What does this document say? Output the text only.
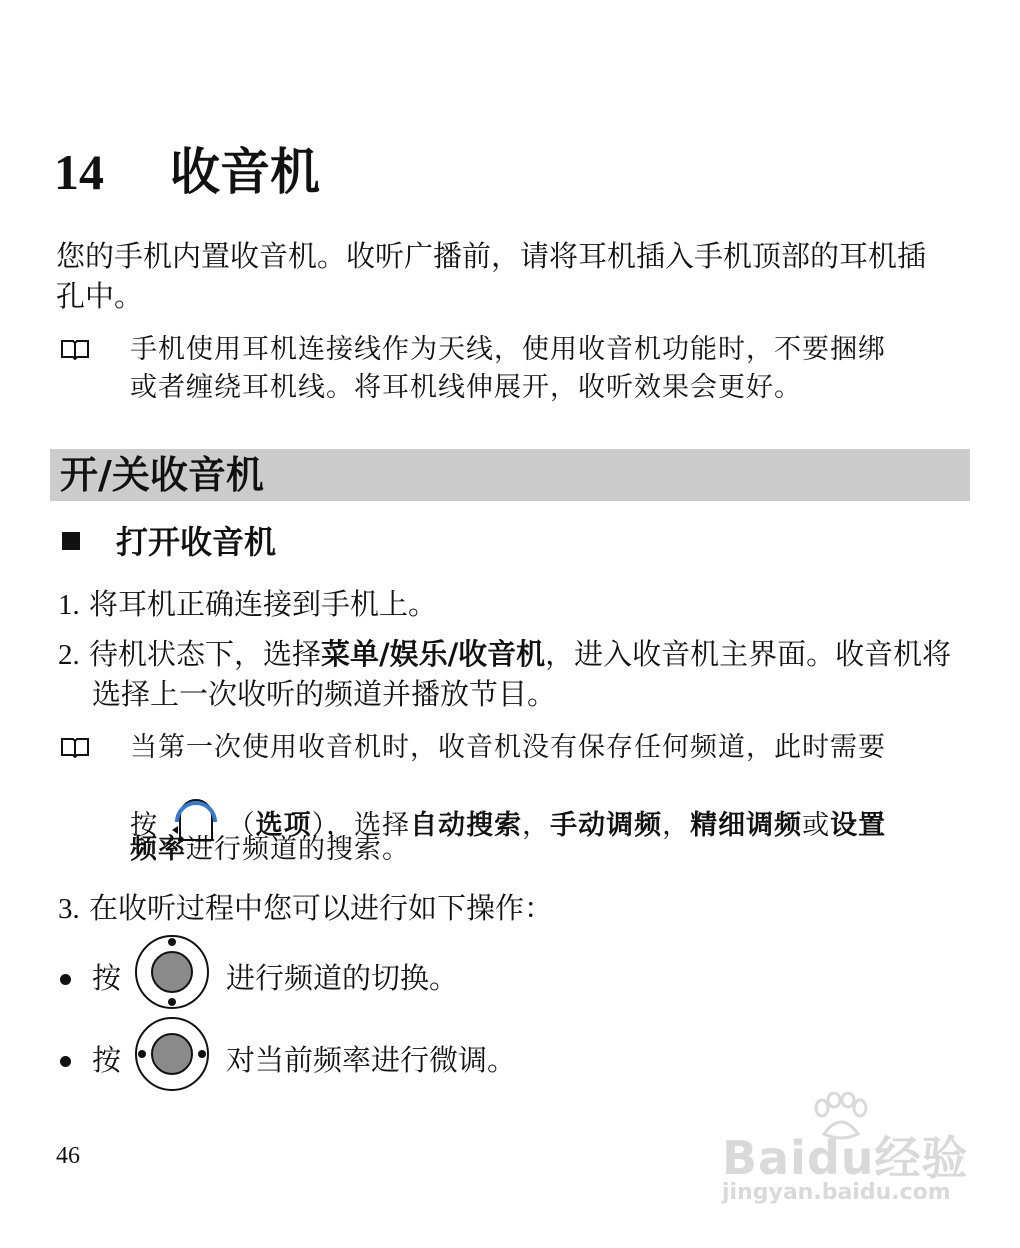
14 收音机
您的手机内置收音机。收听广播前，请将耳机插入手机顶部的耳机插
孔中。
手机使用耳机连接线作为天线，使用收音机功能时，不要捆绑
或者缠绕耳机线。将耳机线伸展开，收听效果会更好。
开/关收音机
打开收音机
1. 将耳机正确连接到手机上。
2. 待机状态下，选择菜单/娱乐/收音机，进入收音机主界面。收音机将
选择上一次收听的频道并播放节目。
当第一次使用收音机时，收音机没有保存任何频道，此时需要
按	（选项），选择自动搜索，手动调频，精细调频或设置
频率进行频道的搜索。
3. 在收听过程中您可以进行如下操作：
按	进行频道的切换。
按	对当前频率进行微调。
46	Baidu经验
jingyan.baidu.com
